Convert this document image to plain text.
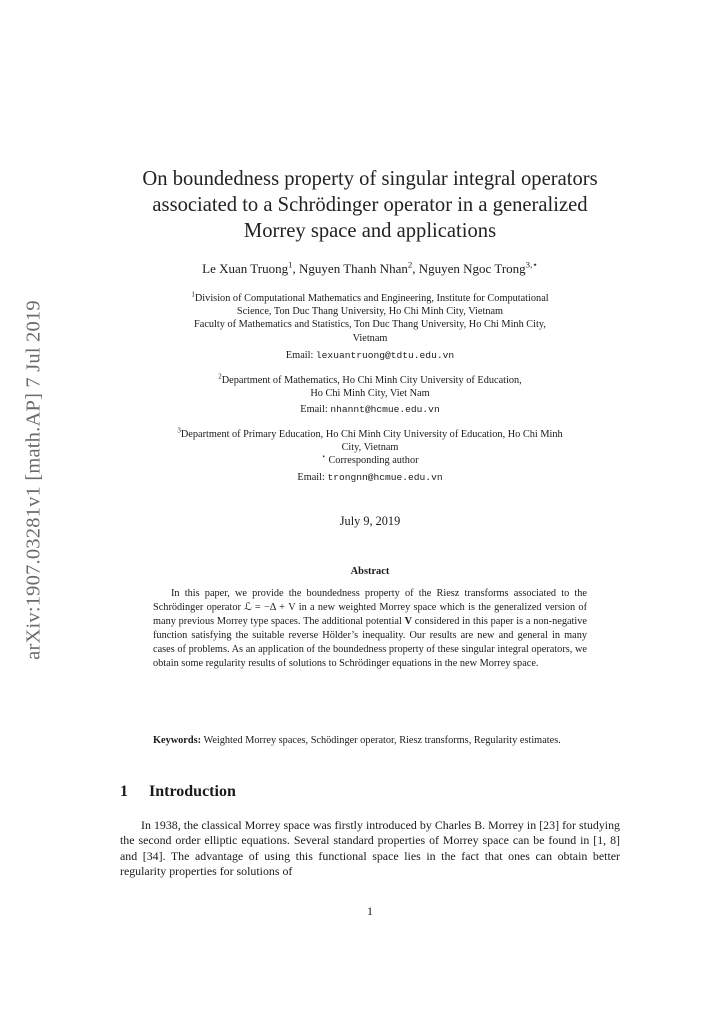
arXiv:1907.03281v1 [math.AP] 7 Jul 2019
On boundedness property of singular integral operators
associated to a Schrödinger operator in a generalized
Morrey space and applications
Le Xuan Truong$^1$, Nguyen Thanh Nhan$^2$, Nguyen Ngoc Trong$^{3,⋆}$
$^1$Division of Computational Mathematics and Engineering, Institute for Computational
Science, Ton Duc Thang University, Ho Chi Minh City, Vietnam
Faculty of Mathematics and Statistics, Ton Duc Thang University, Ho Chi Minh City,
Vietnam
Email: lexuantruong@tdtu.edu.vn
$^2$Department of Mathematics, Ho Chi Minh City University of Education,
Ho Chi Minh City, Viet Nam
Email: nhannt@hcmue.edu.vn
$^3$Department of Primary Education, Ho Chi Minh City University of Education, Ho Chi Minh
City, Vietnam
⋆ Corresponding author
Email: trongnn@hcmue.edu.vn
July 9, 2019
Abstract
In this paper, we provide the boundedness property of the Riesz transforms associated to the Schrödinger operator ℒ = −Δ + V in a new weighted Morrey space which is the generalized version of many previous Morrey type spaces. The additional potential V considered in this paper is a non-negative function satisfying the suitable reverse Hölder’s inequality. Our results are new and general in many cases of problems. As an application of the boundedness property of these singular integral operators, we obtain some regularity results of solutions to Schrödinger equations in the new Morrey space.
Keywords: Weighted Morrey spaces, Schödinger operator, Riesz transforms, Regularity estimates.
1 Introduction
In 1938, the classical Morrey space was firstly introduced by Charles B. Morrey in [23] for studying the second order elliptic equations. Several standard properties of Morrey space can be found in [1, 8] and [34]. The advantage of using this functional space lies in the fact that ones can obtain better regularity properties for solutions of
1
